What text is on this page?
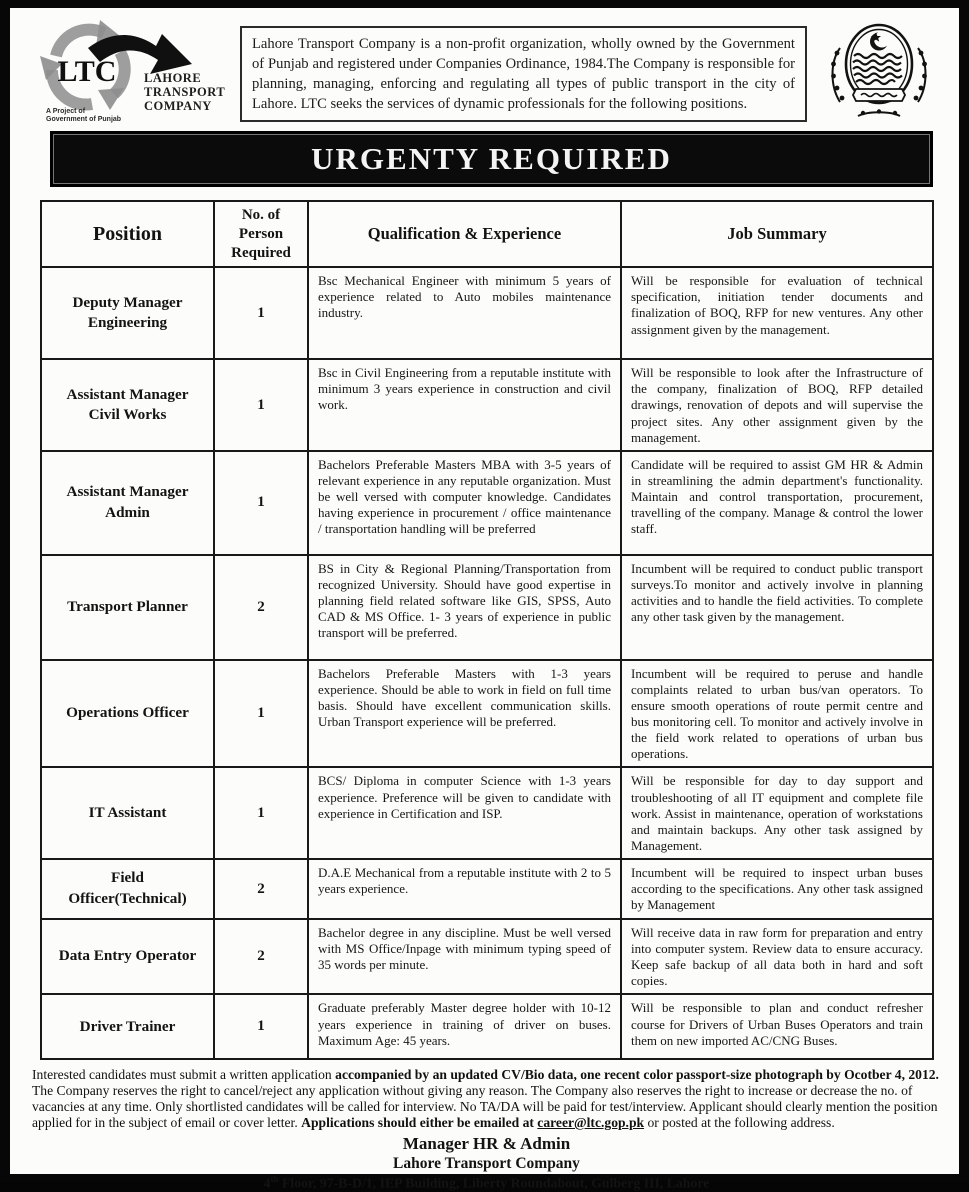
LTC LAHORE
TRANSPORT
COMPANY
A Project of
Government of Punjab
Lahore Transport Company is a non-profit organization, wholly owned by the Government of Punjab and registered under Companies Ordinance, 1984.The Company is responsible for planning, managing, enforcing and regulating all types of public transport in the city of Lahore. LTC seeks the services of dynamic professionals for the following positions.
URGENTY REQUIRED
Position	No. of Person Required	Qualification & Experience	Job Summary
Deputy Manager Engineering	1	Bsc Mechanical Engineer with minimum 5 years of experience related to Auto mobiles maintenance industry.	Will be responsible for evaluation of technical specification, initiation tender documents and finalization of BOQ, RFP for new ventures. Any other assignment given by the management.
Assistant Manager Civil Works	1	Bsc in Civil Engineering from a reputable institute with minimum 3 years experience in construction and civil work.	Will be responsible to look after the Infrastructure of the company, finalization of BOQ, RFP detailed drawings, renovation of depots and will supervise the project sites. Any other assignment given by the management.
Assistant Manager Admin	1	Bachelors Preferable Masters MBA with 3-5 years of relevant experience in any reputable organization. Must be well versed with computer knowledge. Candidates having experience in procurement / office maintenance / transportation handling will be preferred	Candidate will be required to assist GM HR & Admin in streamlining the admin department's functionality. Maintain and control transportation, procurement, travelling of the company. Manage & control the lower staff.
Transport Planner	2	BS in City & Regional Planning/Transportation from recognized University. Should have good expertise in planning field related software like GIS, SPSS, Auto CAD & MS Office. 1- 3 years of experience in public transport will be preferred.	Incumbent will be required to conduct public transport surveys.To monitor and actively involve in planning activities and to handle the field activities. To complete any other task given by the management.
Operations Officer	1	Bachelors Preferable Masters with 1-3 years experience. Should be able to work in field on full time basis. Should have excellent communication skills. Urban Transport experience will be preferred.	Incumbent will be required to peruse and handle complaints related to urban bus/van operators. To ensure smooth operations of route permit centre and bus monitoring cell. To monitor and actively involve in the field work related to operations of urban bus operations.
IT Assistant	1	BCS/ Diploma in computer Science with 1-3 years experience. Preference will be given to candidate with experience in Certification and ISP.	Will be responsible for day to day support and troubleshooting of all IT equipment and complete file work. Assist in maintenance, operation of workstations and maintain backups. Any other task assigned by Management.
Field Officer(Technical)	2	D.A.E Mechanical from a reputable institute with 2 to 5 years experience.	Incumbent will be required to inspect urban buses according to the specifications. Any other task assigned by Management
Data Entry Operator	2	Bachelor degree in any discipline. Must be well versed with MS Office/Inpage with minimum typing speed of 35 words per minute.	Will receive data in raw form for preparation and entry into computer system. Review data to ensure accuracy. Keep safe backup of all data both in hard and soft copies.
Driver Trainer	1	Graduate preferably Master degree holder with 10-12 years experience in training of driver on buses. Maximum Age: 45 years.	Will be responsible to plan and conduct refresher course for Drivers of Urban Buses Operators and train them on new imported AC/CNG Buses.

Interested candidates must submit a written application accompanied by an updated CV/Bio data, one recent color passport-size photograph by Ocotber 4, 2012. The Company reserves the right to cancel/reject any application without giving any reason. The Company also reserves the right to increase or decrease the no. of vacancies at any time. Only shortlisted candidates will be called for interview. No TA/DA will be paid for test/interview. Applicant should clearly mention the position applied for in the subject of email or cover letter. Applications should either be emailed at career@ltc.gop.pk or posted at the following address.

Manager HR & Admin
Lahore Transport Company
4th Floor, 97-B-D/1, IEP Building, Liberty Roundabout, Gulberg III, Lahore
